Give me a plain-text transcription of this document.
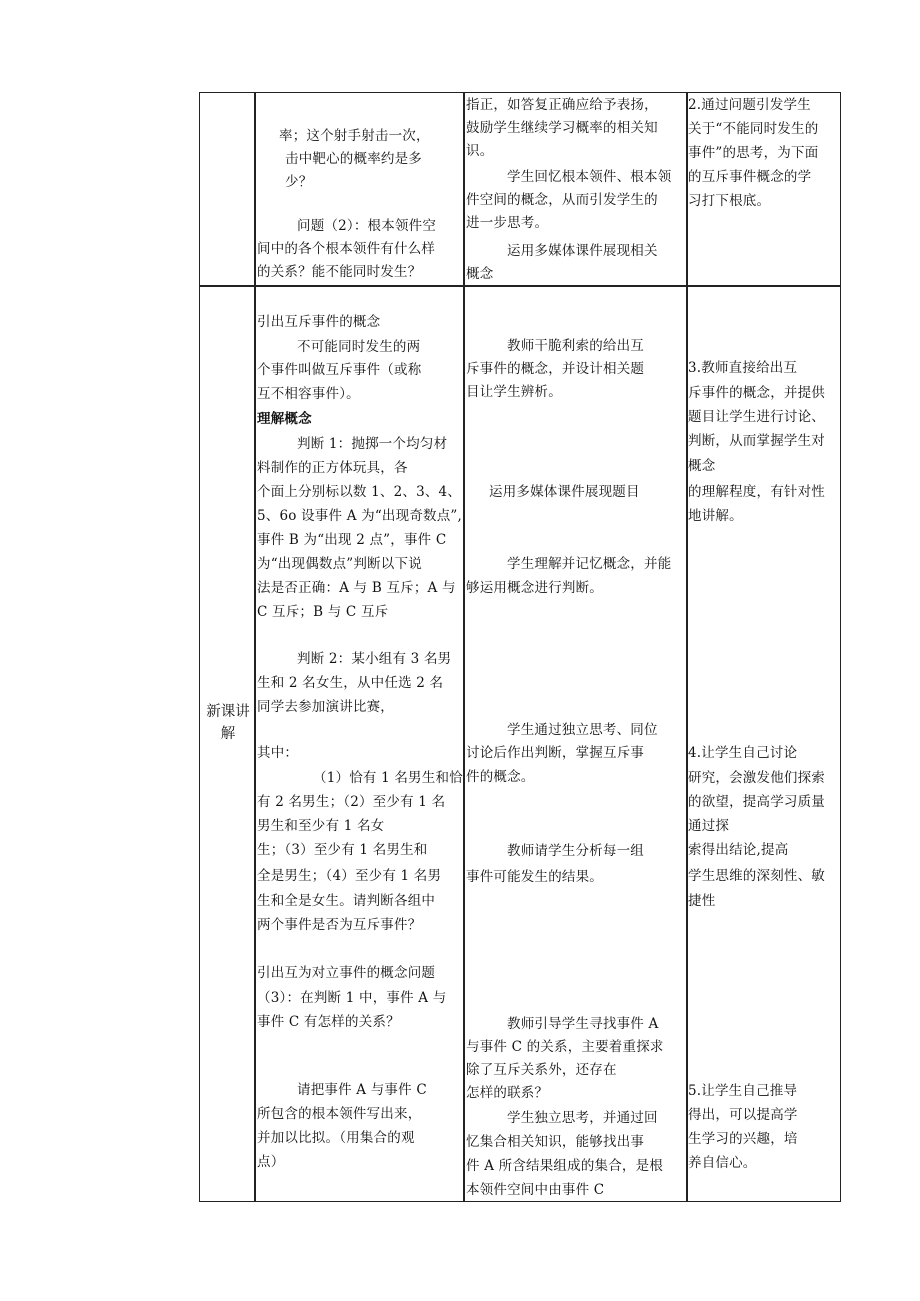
率；这个射手射击一次，
击中靶心的概率约是多
少？
问题（2）：根本领件空
间中的各个根本领件有什么样
的关系？能不能同时发生？
指正，如答复正确应给予表扬，
鼓励学生继续学习概率的相关知
识。
学生回忆根本领件、根本领
件空间的概念，从而引发学生的
进一步思考。
运用多媒体课件展现相关
概念
2.通过问题引发学生
关于“不能同时发生的
事件”的思考，为下面
的互斥事件概念的学
习打下根底。
新课讲
解
引出互斥事件的概念
不可能同时发生的两
个事件叫做互斥事件（或称
互不相容事件）。
理解概念
判断 1：抛掷一个均匀材
料制作的正方体玩具，各
个面上分别标以数 1、2、3、4、
5、6o 设事件 A 为“出现奇数点”,
事件 B 为“出现 2 点”，事件 C
为“出现偶数点”判断以下说
法是否正确：A 与 B 互斥；A 与
C 互斥；B 与 C 互斥
判断 2：某小组有 3 名男
生和 2 名女生，从中任选 2 名
同学去参加演讲比赛，
其中：
（1）恰有 1 名男生和恰
有 2 名男生；（2）至少有 1 名
男生和至少有 1 名女
生；（3）至少有 1 名男生和
全是男生；（4）至少有 1 名男
生和全是女生。请判断各组中
两个事件是否为互斥事件？
引出互为对立事件的概念问题
（3）：在判断 1 中，事件 A 与
事件 C 有怎样的关系？
请把事件 A 与事件 C
所包含的根本领件写出来，
并加以比拟。（用集合的观
点）
教师干脆利索的给出互
斥事件的概念，并设计相关题
目让学生辨析。
运用多媒体课件展现题目
学生理解并记忆概念，并能
够运用概念进行判断。
学生通过独立思考、同位
讨论后作出判断，掌握互斥事
件的概念。
教师请学生分析每一组
事件可能发生的结果。
教师引导学生寻找事件 A
与事件 C 的关系，主要着重探求
除了互斥关系外，还存在
怎样的联系？
学生独立思考，并通过回
忆集合相关知识，能够找出事
件 A 所含结果组成的集合，是根
本领件空间中由事件 C
3.教师直接给出互
斥事件的概念，并提供
题目让学生进行讨论、
判断，从而掌握学生对
概念
的理解程度，有针对性
地讲解。
4.让学生自己讨论
研究，会激发他们探索
的欲望，提高学习质量
通过探
索得出结论,提高
学生思维的深刻性、敏
捷性
5.让学生自己推导
得出，可以提高学
生学习的兴趣，培
养自信心。
